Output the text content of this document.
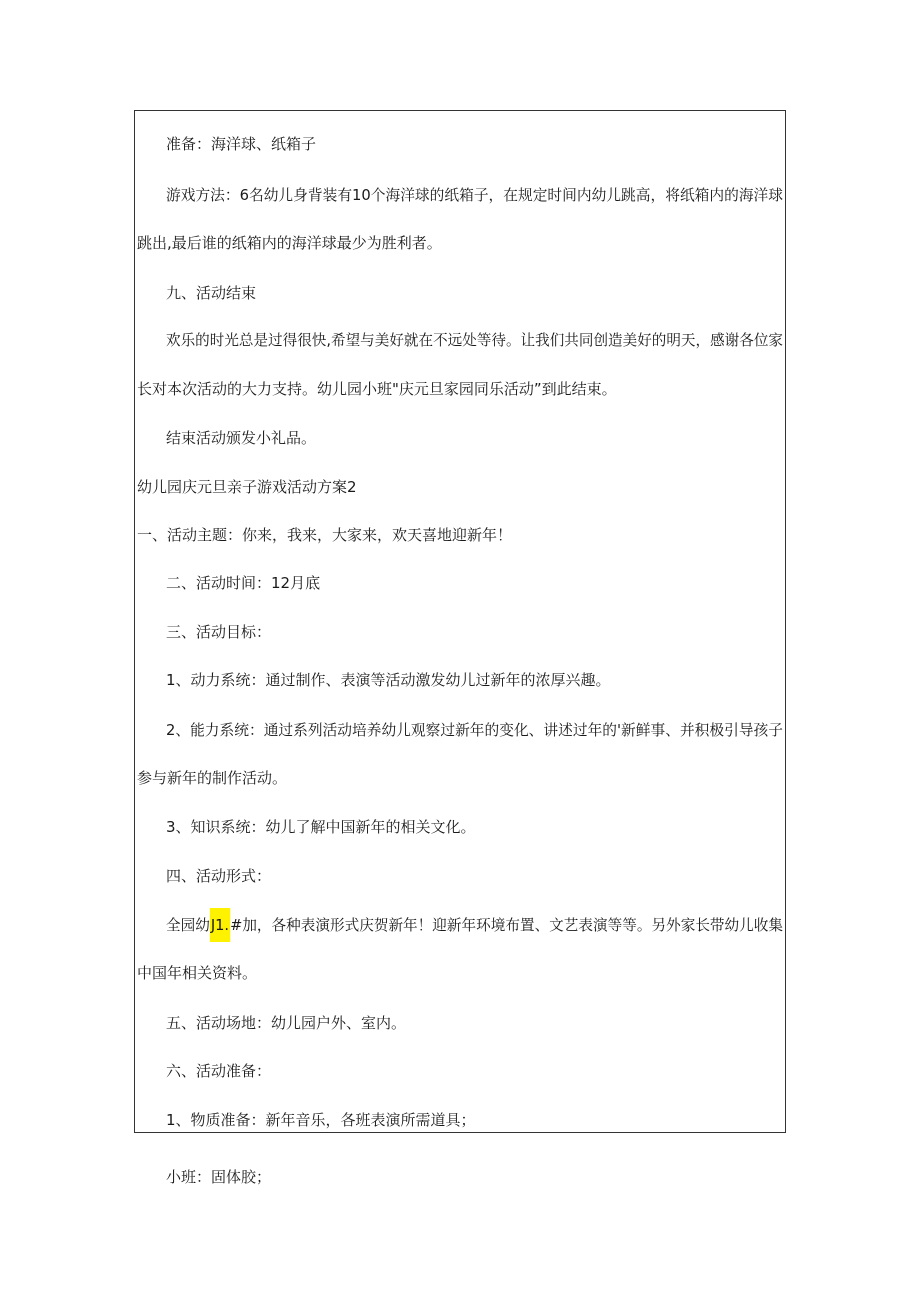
准备：海洋球、纸箱子
游戏方法：6名幼儿身背装有10个海洋球的纸箱子，在规定时间内幼儿跳高，将纸箱内的海洋球
跳出,最后谁的纸箱内的海洋球最少为胜利者。
九、活动结束
欢乐的时光总是过得很快,希望与美好就在不远处等待。让我们共同创造美好的明天，感谢各位家
长对本次活动的大力支持。幼儿园小班"庆元旦家园同乐活动”到此结束。
结束活动颁发小礼品。
幼儿园庆元旦亲子游戏活动方案2
一、活动主题：你来，我来，大家来，欢天喜地迎新年！
二、活动时间：12月底
三、活动目标：
1、动力系统：通过制作、表演等活动激发幼儿过新年的浓厚兴趣。
2、能力系统：通过系列活动培养幼儿观察过新年的变化、讲述过年的'新鲜事、并积极引导孩子
参与新年的制作活动。
3、知识系统：幼儿了解中国新年的相关文化。
四、活动形式：
全园幼J1.#加，各种表演形式庆贺新年！迎新年环境布置、文艺表演等等。另外家长带幼儿收集
中国年相关资料。
五、活动场地：幼儿园户外、室内。
六、活动准备：
1、物质准备：新年音乐，各班表演所需道具；
小班：固体胶；
